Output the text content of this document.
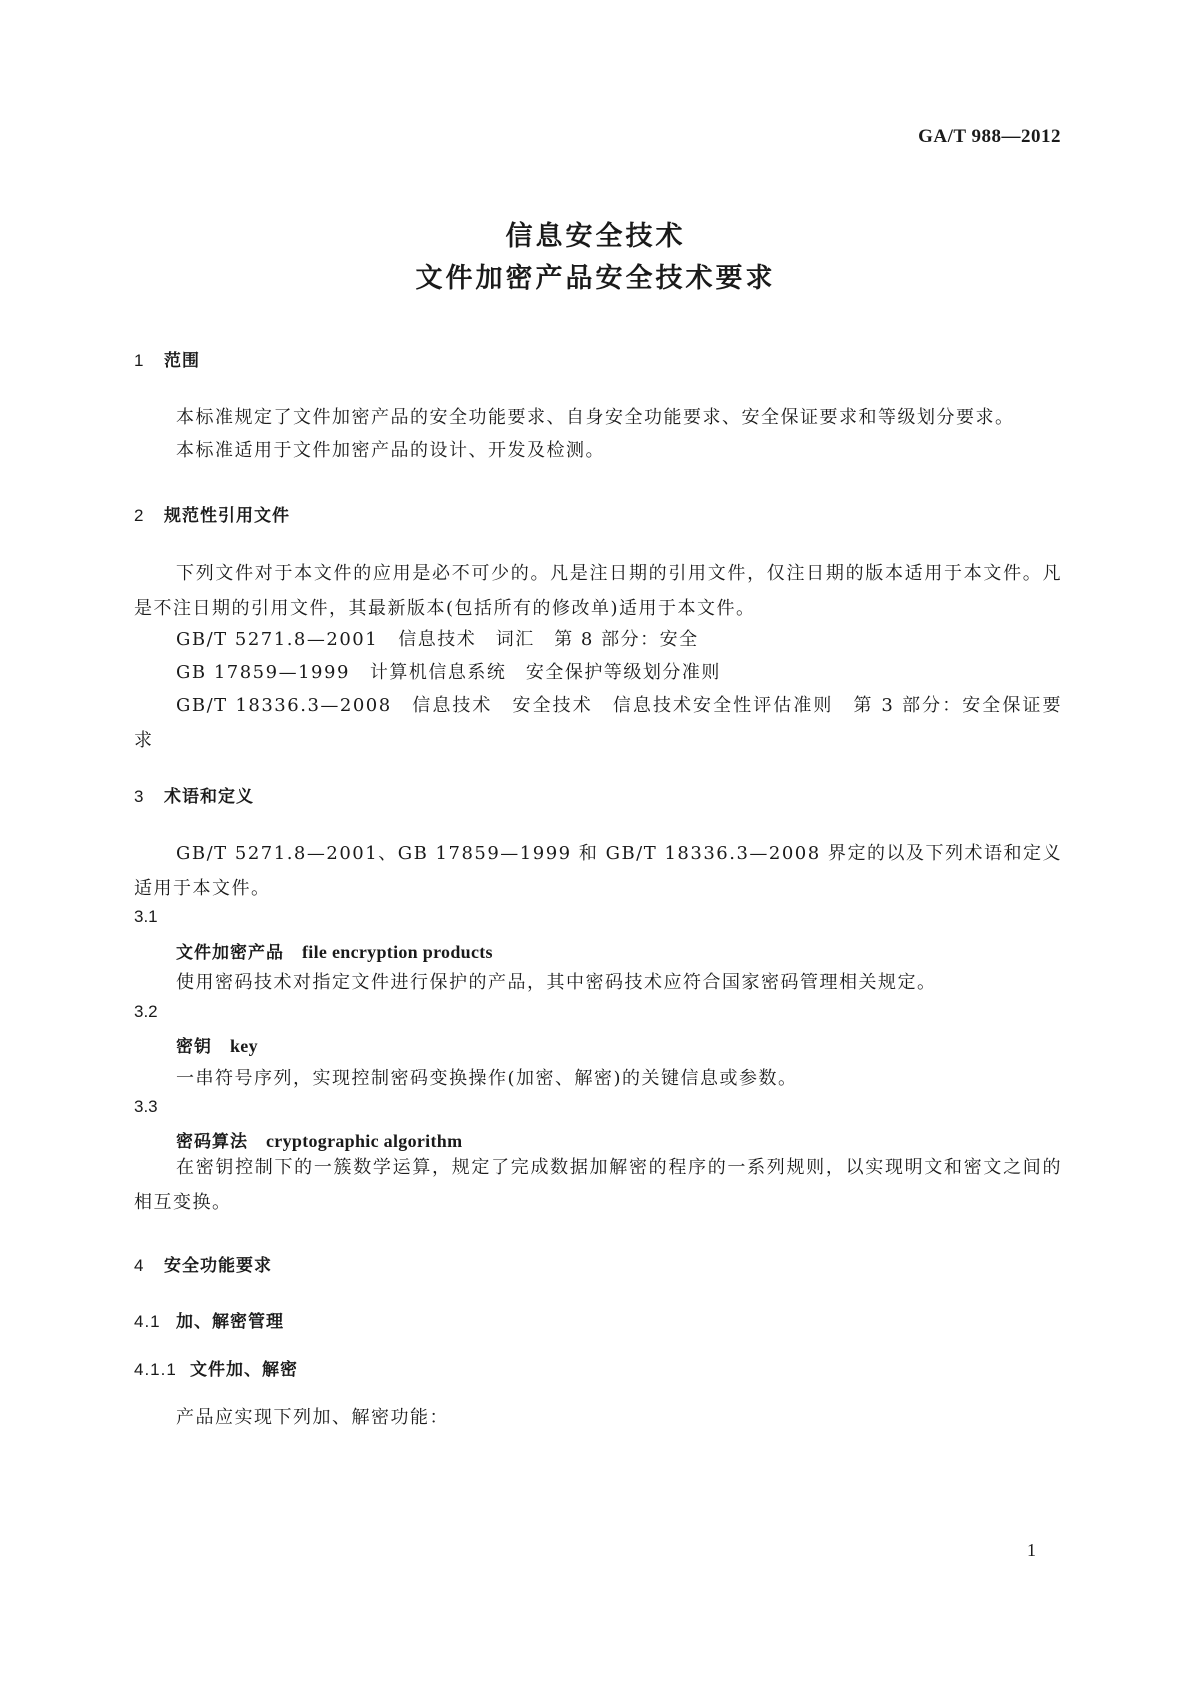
GA/T 988—2012
信息安全技术
文件加密产品安全技术要求
1 范围
本标准规定了文件加密产品的安全功能要求、自身安全功能要求、安全保证要求和等级划分要求。
本标准适用于文件加密产品的设计、开发及检测。
2 规范性引用文件
下列文件对于本文件的应用是必不可少的。凡是注日期的引用文件，仅注日期的版本适用于本文件。凡是不注日期的引用文件，其最新版本(包括所有的修改单)适用于本文件。
GB/T 5271.8—2001 信息技术　词汇　第 8 部分：安全
GB 17859—1999 计算机信息系统　安全保护等级划分准则
GB/T 18336.3—2008 信息技术　安全技术　信息技术安全性评估准则　第 3 部分：安全保证要求
3 术语和定义
GB/T 5271.8—2001、GB 17859—1999 和 GB/T 18336.3—2008 界定的以及下列术语和定义适用于本文件。
3.1
文件加密产品 file encryption products
使用密码技术对指定文件进行保护的产品，其中密码技术应符合国家密码管理相关规定。
3.2
密钥 key
一串符号序列，实现控制密码变换操作(加密、解密)的关键信息或参数。
3.3
密码算法 cryptographic algorithm
在密钥控制下的一簇数学运算，规定了完成数据加解密的程序的一系列规则，以实现明文和密文之间的相互变换。
4 安全功能要求
4.1 加、解密管理
4.1.1 文件加、解密
产品应实现下列加、解密功能：
1
